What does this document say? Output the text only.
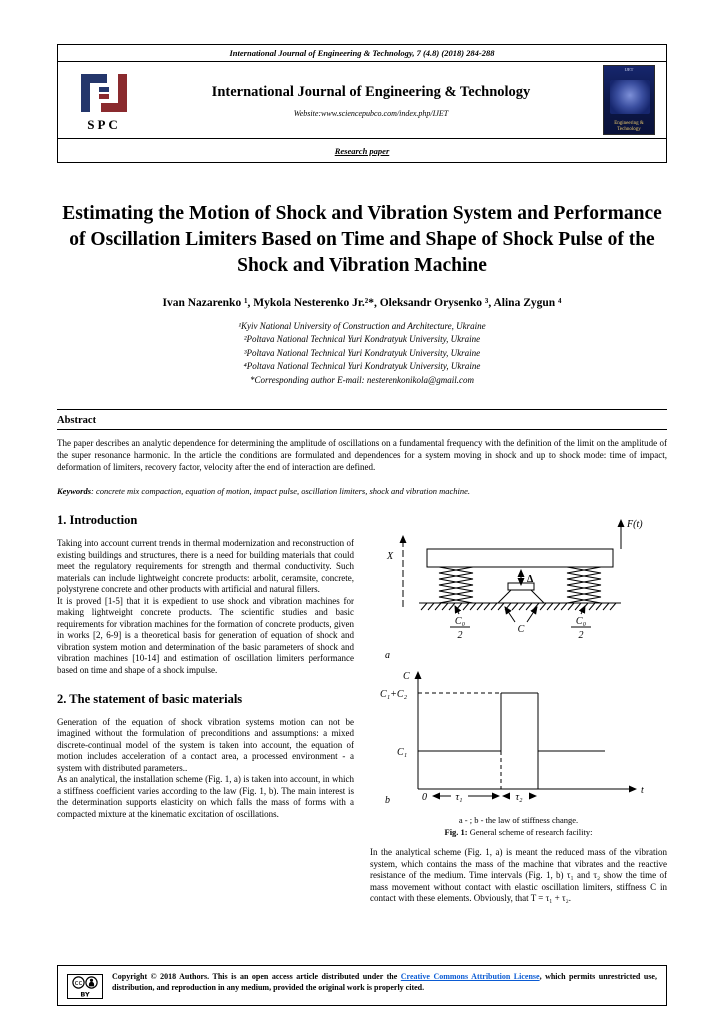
International Journal of Engineering & Technology, 7 (4.8) (2018) 284-288
SPC
International Journal of Engineering & Technology
Website:www.sciencepubco.com/index.php/IJET
IJET
Engineering & Technology
Research paper
Estimating the Motion of Shock and Vibration System and Performance of Oscillation Limiters Based on Time and Shape of Shock Pulse of the Shock and Vibration Machine
Ivan Nazarenko ¹, Mykola Nesterenko Jr.²*, Oleksandr Orysenko ³, Alina Zygun ⁴
¹Kyiv National University of Construction and Architecture, Ukraine
²Poltava National Technical Yuri Kondratyuk University, Ukraine
³Poltava National Technical Yuri Kondratyuk University, Ukraine
⁴Poltava National Technical Yuri Kondratyuk University, Ukraine
*Corresponding author E-mail: nesterenkonikola@gmail.com
Abstract
The paper describes an analytic dependence for determining the amplitude of oscillations on a fundamental frequency with the definition of the limit on the amplitude of the super resonance harmonic. In the article the conditions are formulated and dependences for a system moving in shock and up to shock mode: time of impact, deformation of limiters, recovery factor, velocity after the end of interaction are defined.
Keywords: concrete mix compaction, equation of motion, impact pulse, oscillation limiters, shock and vibration machine.
1. Introduction
Taking into account current trends in thermal modernization and reconstruction of existing buildings and structures, there is a need for building materials that could meet the regulatory requirements for strength and thermal conductivity. Such materials can include lightweight concrete products: arbolit, ceramsite, concrete, polystyrene concrete and other products with artificial and natural fillers.
It is proved [1-5] that it is expedient to use shock and vibration machines for making lightweight concrete products. The scientific studies and basic requirements for vibration machines for the formation of concrete products, given in works [2, 6-9] is a theoretical basis for generation of equation of shock and vibration system motion and determination of the basic parameters of shock and vibration machines [10-14] and estimation of oscillation limiters performance based on time and shape of a shock impulse.
2. The statement of basic materials
Generation of the equation of shock vibration systems motion can not be imagined without the formulation of preconditions and assumptions: a mixed discrete-continual model of the system is taken into account, the equation of motion includes acceleration of a contact area, a processed environment - a system with distributed parameters..
As an analytical, the installation scheme (Fig. 1, a) is taken into account, in which a stiffness coefficient varies according to the law (Fig. 1, b). The main interest is the determination supports elasticity on which falls the mass of forms with a compacted mixture at the kinematic excitation of oscillations.
F(t)
X
Δ
C₀
2
C
C₀
2
a
C
t
C₁+C₂
C₁
0	τ₁	τ₂
b
a - ; b - the law of stiffness change.
Fig. 1: General scheme of research facility:
In the analytical scheme (Fig. 1, a) is meant the reduced mass of the vibration system, which contains the mass of the machine that vibrates and the reactive resistance of the medium. Time intervals (Fig. 1, b) τ₁ and τ₂ show the time of mass movement without contact with elastic oscillation limiters, stiffness C in contact with these elements. Obviously, that T = τ₁ + τ₂.
cc
BY
Copyright © 2018 Authors. This is an open access article distributed under the Creative Commons Attribution License, which permits unrestricted use, distribution, and reproduction in any medium, provided the original work is properly cited.
